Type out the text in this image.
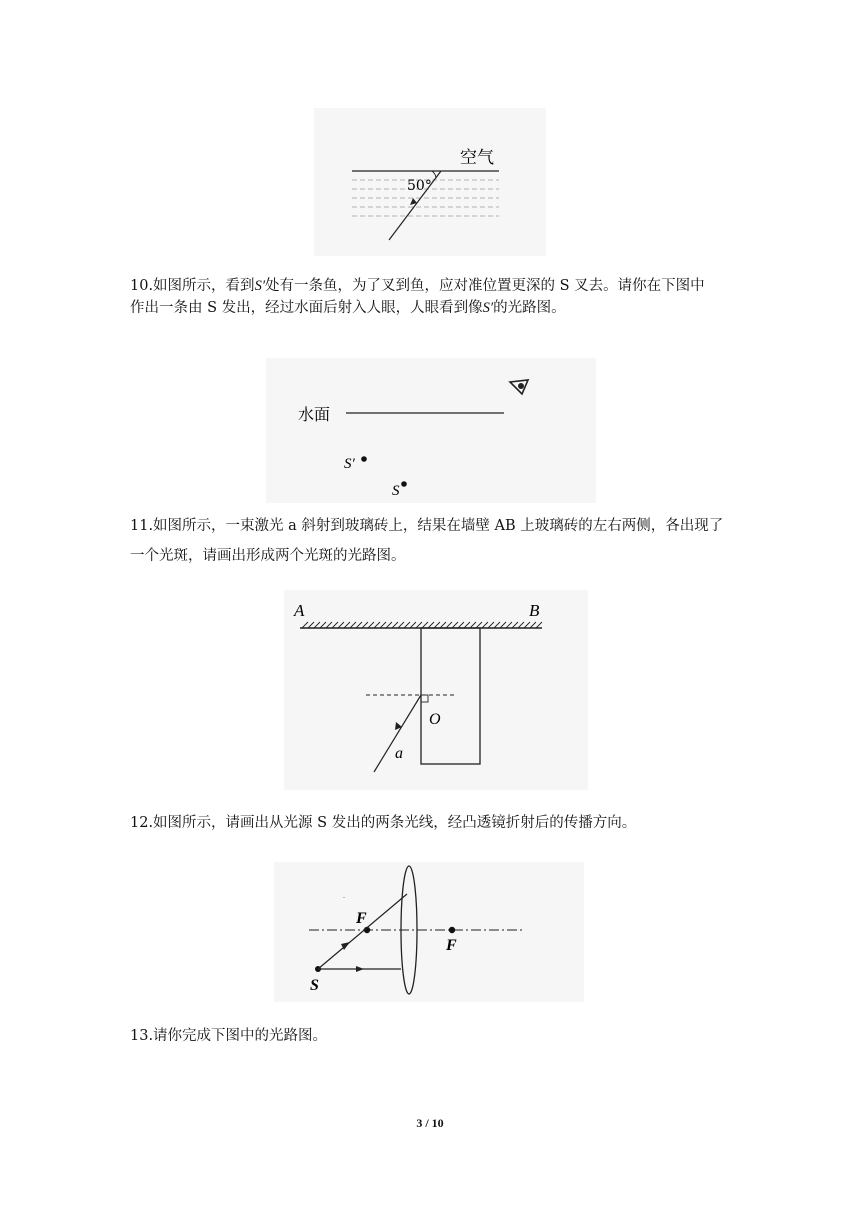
空气
50°

10.如图所示，看到S′处有一条鱼，为了叉到鱼，应对准位置更深的 S 叉去。请你在下图中

作出一条由 S 发出，经过水面后射入人眼，人眼看到像S′的光路图。

水面
S′
S

11.如图所示，一束激光 a 斜射到玻璃砖上，结果在墙壁 AB 上玻璃砖的左右两侧，各出现了

一个光斑，请画出形成两个光斑的光路图。

A	B
O
a

12.如图所示，请画出从光源 S 发出的两条光线，经凸透镜折射后的传播方向。

F
F
S

13.请你完成下图中的光路图。

3 / 10
